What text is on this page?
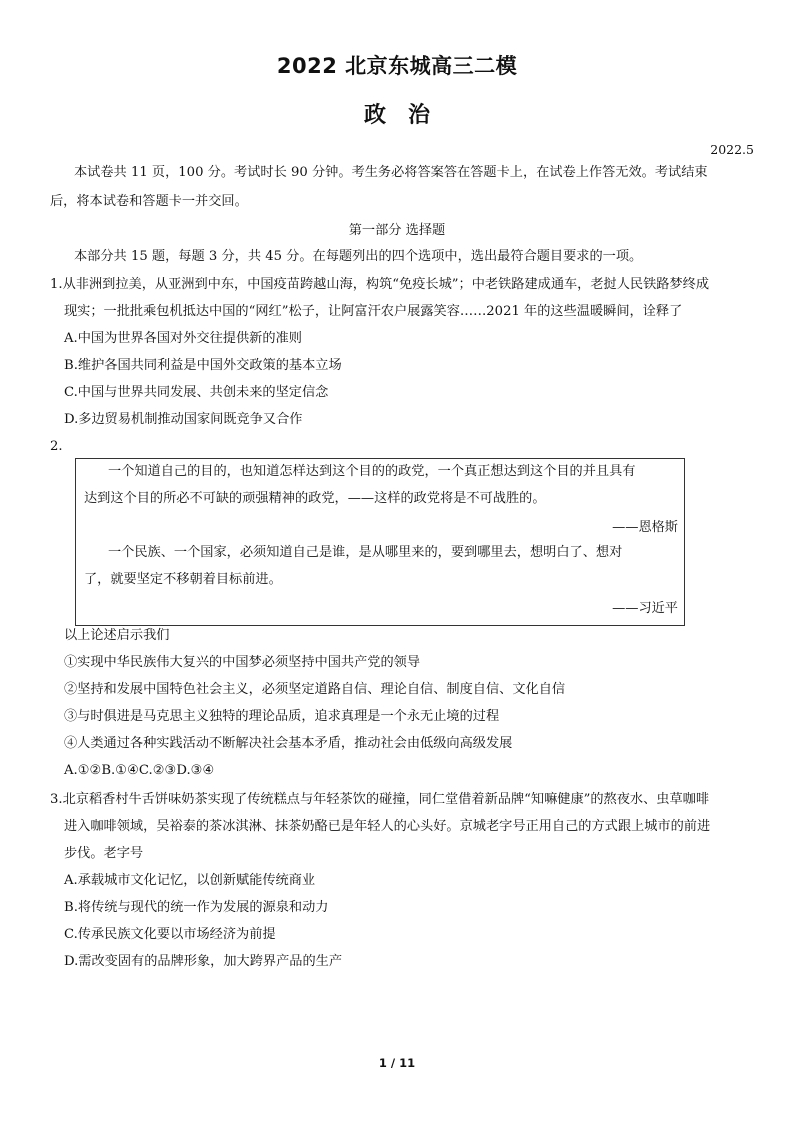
2022 北京东城高三二模
政治
2022.5
本试卷共 11 页，100 分。考试时长 90 分钟。考生务必将答案答在答题卡上，在试卷上作答无效。考试结束
后，将本试卷和答题卡一并交回。
第一部分 选择题
本部分共 15 题，每题 3 分，共 45 分。在每题列出的四个选项中，选出最符合题目要求的一项。
1.从非洲到拉美，从亚洲到中东，中国疫苗跨越山海，构筑“免疫长城”；中老铁路建成通车，老挝人民铁路梦终成
现实；一批批乘包机抵达中国的“网红”松子，让阿富汗农户展露笑容……2021 年的这些温暖瞬间，诠释了
A.中国为世界各国对外交往提供新的准则
B.维护各国共同利益是中国外交政策的基本立场
C.中国与世界共同发展、共创未来的坚定信念
D.多边贸易机制推动国家间既竞争又合作
2.
一个知道自己的目的，也知道怎样达到这个目的的政党，一个真正想达到这个目的并且具有
达到这个目的所必不可缺的顽强精神的政党，——这样的政党将是不可战胜的。
——恩格斯
一个民族、一个国家，必须知道自己是谁，是从哪里来的，要到哪里去，想明白了、想对
了，就要坚定不移朝着目标前进。
——习近平
以上论述启示我们
①实现中华民族伟大复兴的中国梦必须坚持中国共产党的领导
②坚持和发展中国特色社会主义，必须坚定道路自信、理论自信、制度自信、文化自信
③与时俱进是马克思主义独特的理论品质，追求真理是一个永无止境的过程
④人类通过各种实践活动不断解决社会基本矛盾，推动社会由低级向高级发展
A.①②B.①④C.②③D.③④
3.北京稻香村牛舌饼味奶茶实现了传统糕点与年轻茶饮的碰撞，同仁堂借着新品牌“知嘛健康”的熬夜水、虫草咖啡
进入咖啡领域，吴裕泰的茶冰淇淋、抹茶奶酪已是年轻人的心头好。京城老字号正用自己的方式跟上城市的前进
步伐。老字号
A.承载城市文化记忆，以创新赋能传统商业
B.将传统与现代的统一作为发展的源泉和动力
C.传承民族文化要以市场经济为前提
D.需改变固有的品牌形象，加大跨界产品的生产
1 / 11
